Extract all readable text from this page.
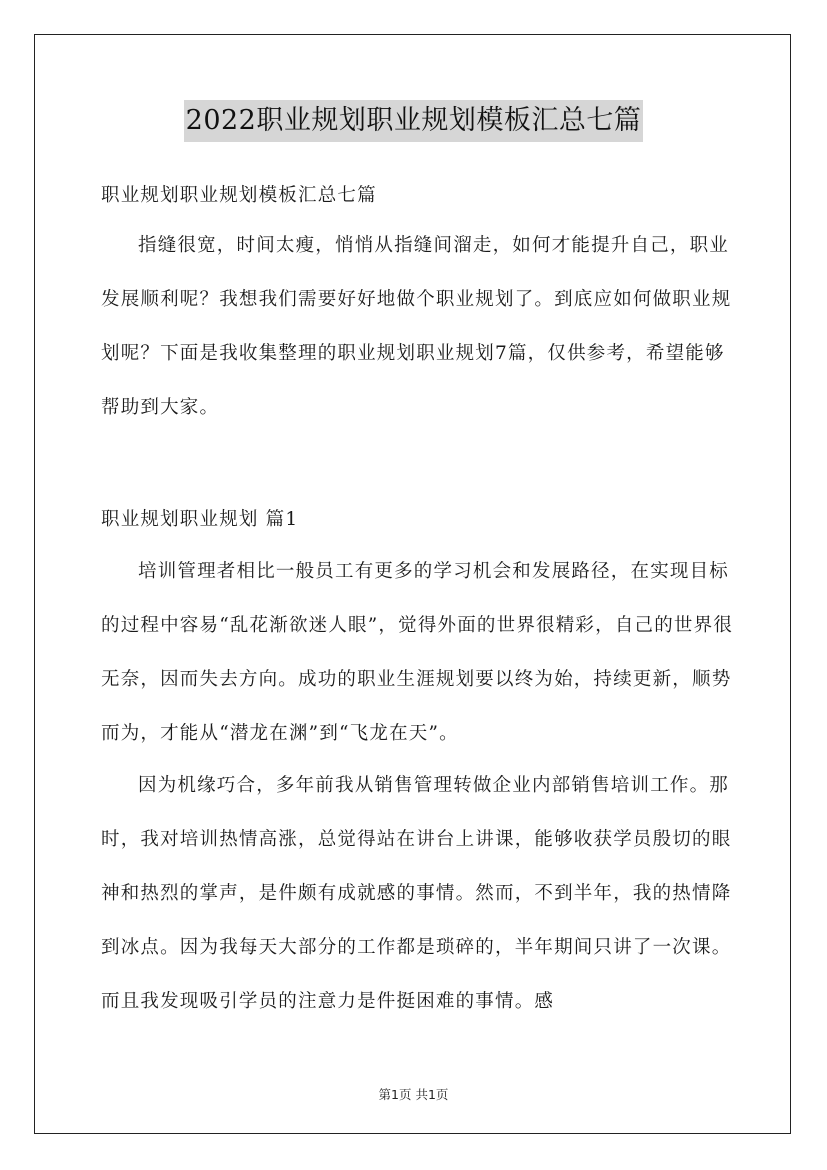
2022职业规划职业规划模板汇总七篇
职业规划职业规划模板汇总七篇

指缝很宽，时间太瘦，悄悄从指缝间溜走，如何才能提升自己，职业发展顺利呢？我想我们需要好好地做个职业规划了。到底应如何做职业规划呢？下面是我收集整理的职业规划职业规划7篇，仅供参考，希望能够帮助到大家。

职业规划职业规划 篇1

培训管理者相比一般员工有更多的学习机会和发展路径，在实现目标的过程中容易“乱花渐欲迷人眼”，觉得外面的世界很精彩，自己的世界很无奈，因而失去方向。成功的职业生涯规划要以终为始，持续更新，顺势而为，才能从“潜龙在渊”到“飞龙在天”。

因为机缘巧合，多年前我从销售管理转做企业内部销售培训工作。那时，我对培训热情高涨，总觉得站在讲台上讲课，能够收获学员殷切的眼神和热烈的掌声，是件颇有成就感的事情。然而，不到半年，我的热情降到冰点。因为我每天大部分的工作都是琐碎的，半年期间只讲了一次课。而且我发现吸引学员的注意力是件挺困难的事情。感

第1页 共1页
